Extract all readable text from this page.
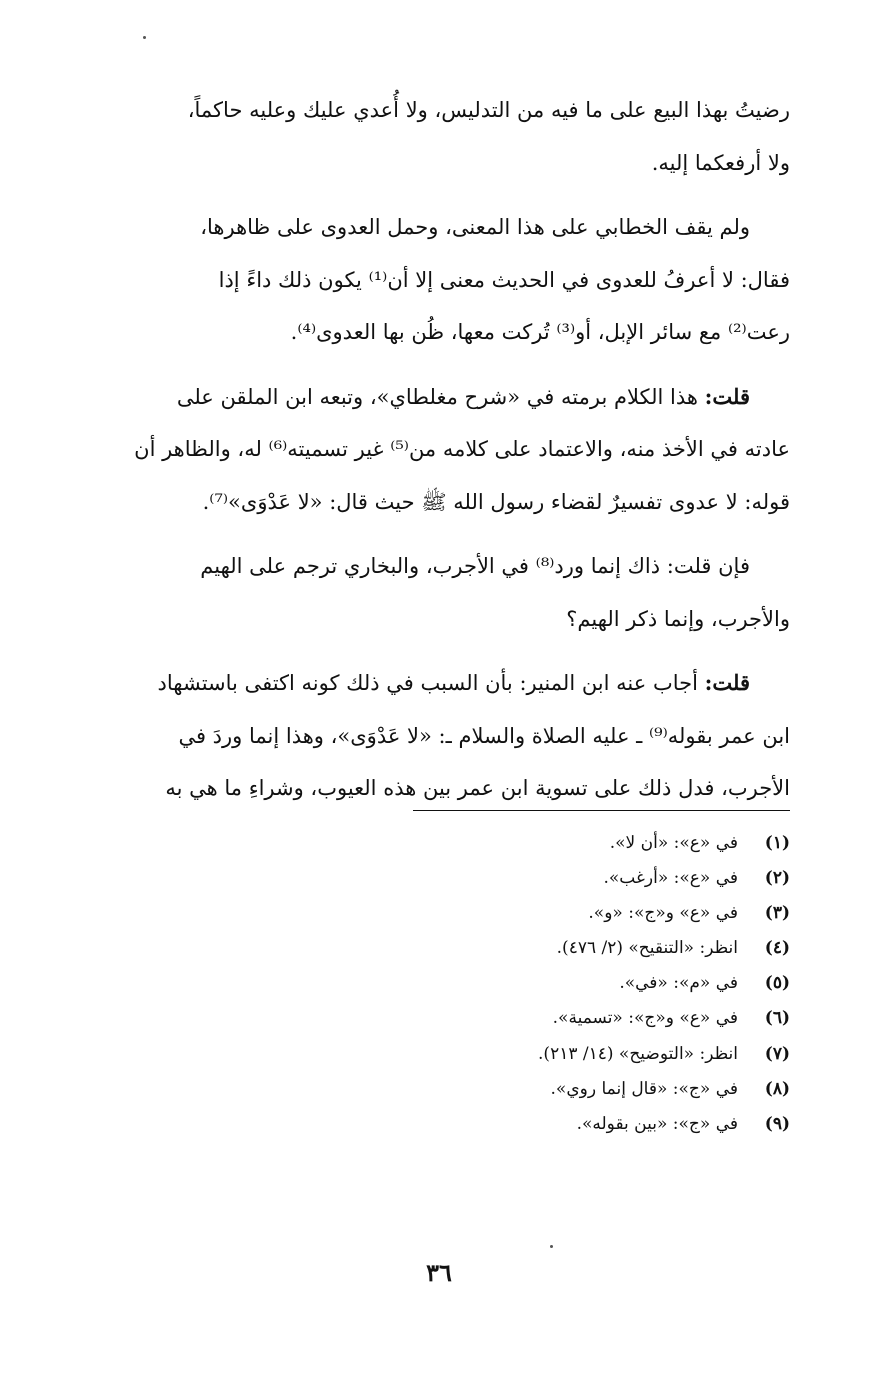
رضيتُ بهذا البيع على ما فيه من التدليس، ولا أُعدي عليك وعليه حاكماً،
ولا أرفعكما إليه.
ولم يقف الخطابي على هذا المعنى، وحمل العدوى على ظاهرها،
فقال: لا أعرفُ للعدوى في الحديث معنى إلا أن⁽¹⁾ يكون ذلك داءً إذا
رعت⁽²⁾ مع سائر الإبل، أو⁽³⁾ تُركت معها، ظُن بها العدوى⁽⁴⁾.
قلت: هذا الكلام برمته في «شرح مغلطاي»، وتبعه ابن الملقن على
عادته في الأخذ منه، والاعتماد على كلامه من⁽⁵⁾ غير تسميته⁽⁶⁾ له، والظاهر أن
قوله: لا عدوى تفسيرٌ لقضاء رسول الله ﷺ حيث قال: «لا عَدْوَى»⁽⁷⁾.
فإن قلت: ذاك إنما ورد⁽⁸⁾ في الأجرب، والبخاري ترجم على الهيم
والأجرب، وإنما ذكر الهيم؟
قلت: أجاب عنه ابن المنير: بأن السبب في ذلك كونه اكتفى باستشهاد
ابن عمر بقوله⁽⁹⁾ ـ عليه الصلاة والسلام ـ: «لا عَدْوَى»، وهذا إنما وردَ في
الأجرب، فدل ذلك على تسوية ابن عمر بين هذه العيوب، وشراءِ ما هي به
(١)
في «ع»: «أن لا».
(٢)
في «ع»: «أرغب».
(٣)
في «ع» و«ج»: «و».
(٤)
انظر: «التنقيح» (٢/ ٤٧٦).
(٥)
في «م»: «في».
(٦)
في «ع» و«ج»: «تسمية».
(٧)
انظر: «التوضيح» (١٤/ ٢١٣).
(٨)
في «ج»: «قال إنما روي».
(٩)
في «ج»: «بين بقوله».
٣٦
